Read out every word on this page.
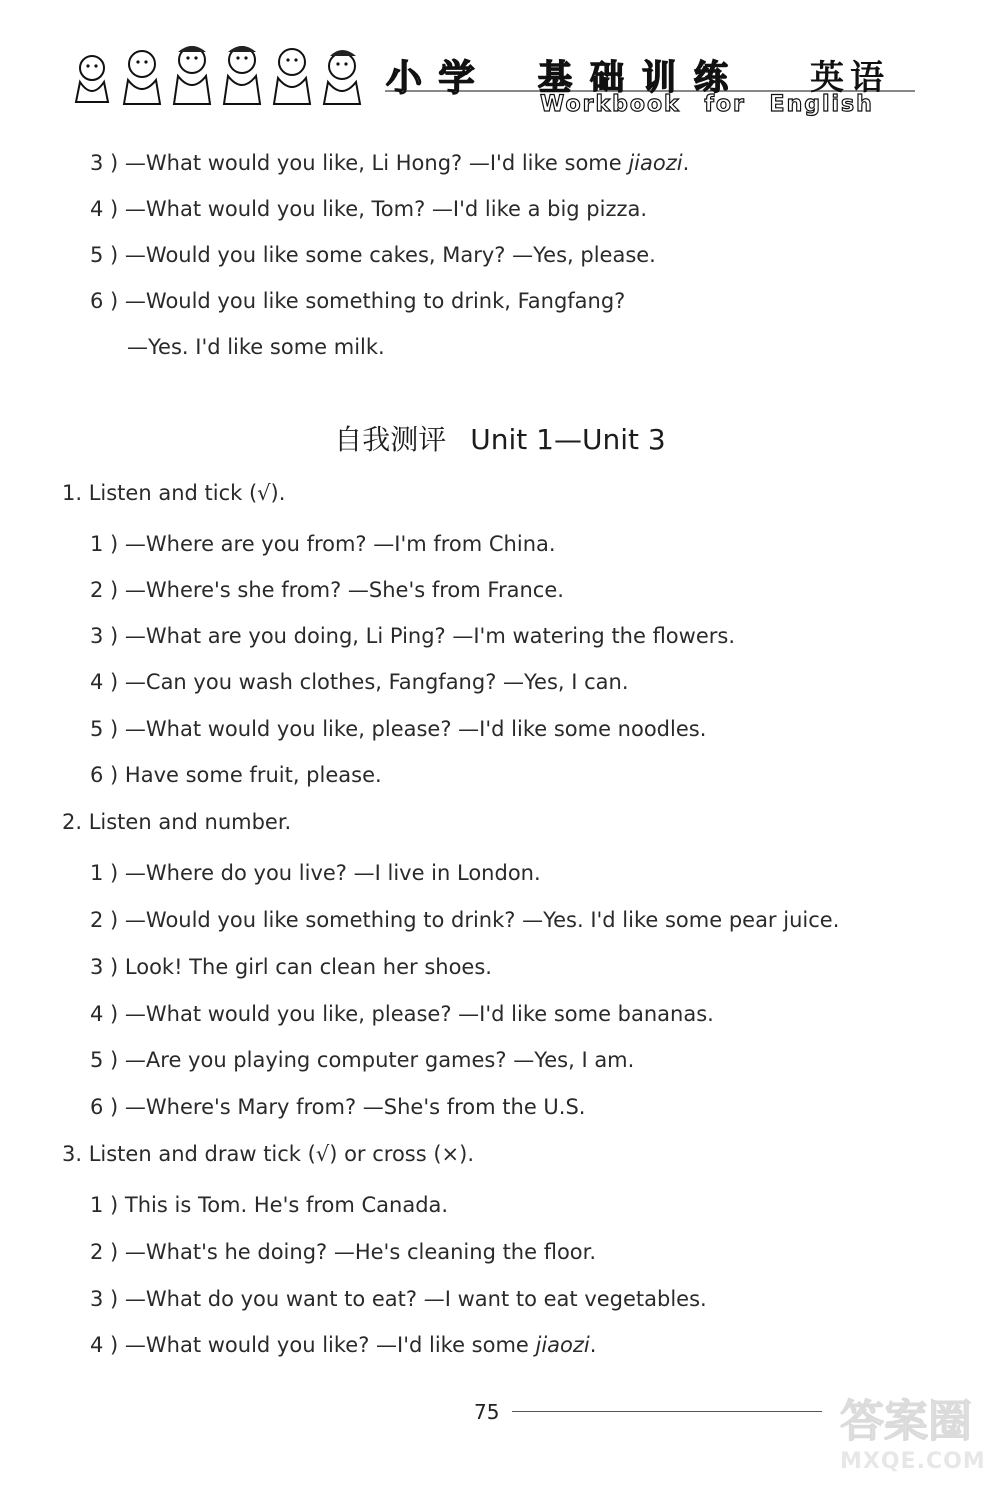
小 学 基础训练 英语
Workbook for English
3 ) —What would you like, Li Hong? —I'd like some jiaozi.
4 ) —What would you like, Tom? —I'd like a big pizza.
5 ) —Would you like some cakes, Mary? —Yes, please.
6 ) —Would you like something to drink, Fangfang?
—Yes. I'd like some milk.
自我测评 Unit 1—Unit 3
1. Listen and tick (√).
1 ) —Where are you from? —I'm from China.
2 ) —Where's she from? —She's from France.
3 ) —What are you doing, Li Ping? —I'm watering the flowers.
4 ) —Can you wash clothes, Fangfang? —Yes, I can.
5 ) —What would you like, please? —I'd like some noodles.
6 ) Have some fruit, please.
2. Listen and number.
1 ) —Where do you live? —I live in London.
2 ) —Would you like something to drink? —Yes. I'd like some pear juice.
3 ) Look! The girl can clean her shoes.
4 ) —What would you like, please? —I'd like some bananas.
5 ) —Are you playing computer games? —Yes, I am.
6 ) —Where's Mary from? —She's from the U.S.
3. Listen and draw tick (√) or cross (×).
1 ) This is Tom. He's from Canada.
2 ) —What's he doing? —He's cleaning the floor.
3 ) —What do you want to eat? —I want to eat vegetables.
4 ) —What would you like? —I'd like some jiaozi.
75	答案圈
MXQE.COM
